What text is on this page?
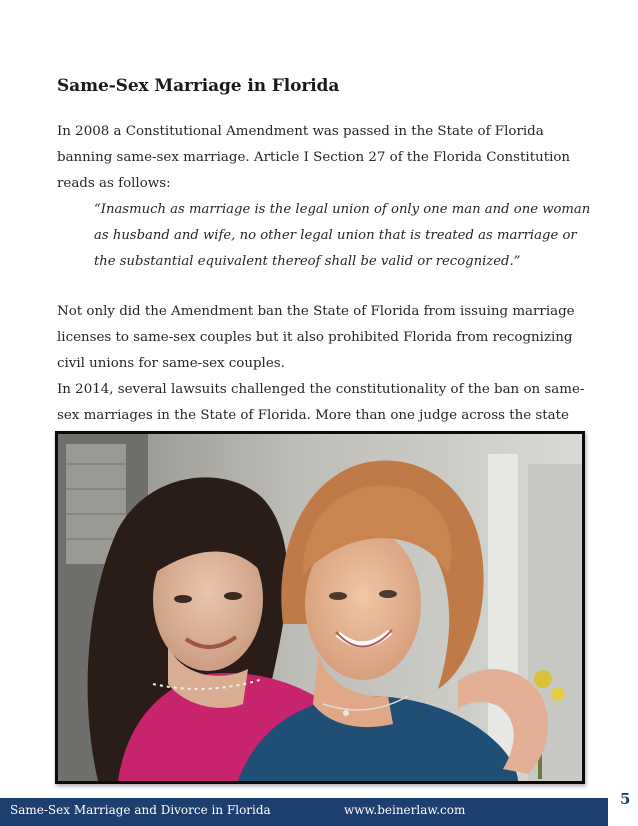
Same-Sex Marriage in Florida

In 2008 a Constitutional Amendment was passed in the State of Florida banning same-sex marriage. Article I Section 27 of the Florida Constitution reads as follows:

“Inasmuch as marriage is the legal union of only one man and one woman as husband and wife, no other legal union that is treated as marriage or the substantial equivalent thereof shall be valid or recognized.”

Not only did the Amendment ban the State of Florida from issuing marriage licenses to same-sex couples but it also prohibited Florida from recognizing civil unions for same-sex couples.

In 2014, several lawsuits challenged the constitutionality of the ban on same-sex marriages in the State of Florida. More than one judge across the state

Same-Sex Marriage and Divorce in Florida	www.beinerlaw.com
5
